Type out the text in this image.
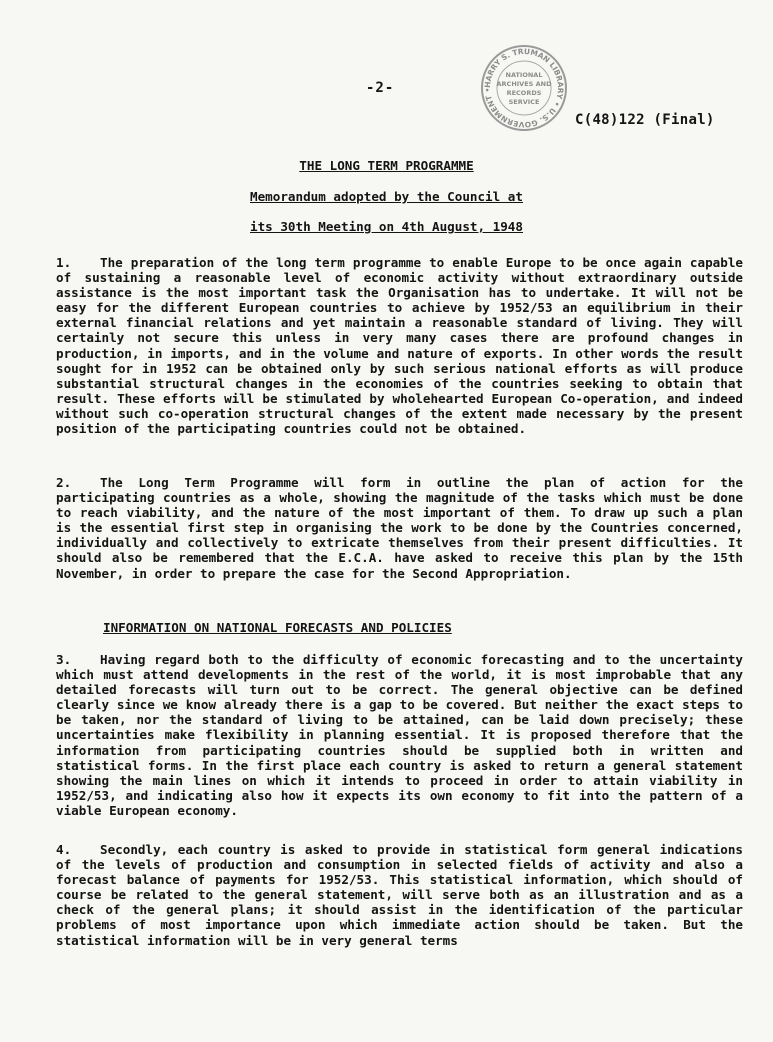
HARRY S. TRUMAN LIBRARY • U.S. GOVERNMENT •
NATIONAL
ARCHIVES AND
RECORDS
SERVICE
-2-
C(48)122 (Final)
THE LONG TERM PROGRAMME
Memorandum adopted by the Council at
its 30th Meeting on 4th August, 1948

1. The preparation of the long term programme to enable Europe to be once again capable of sustaining a reasonable level of economic activity without extraordinary outside assistance is the most important task the Organisation has to undertake. It will not be easy for the different European countries to achieve by 1952/53 an equilibrium in their external financial relations and yet maintain a reasonable standard of living. They will certainly not secure this unless in very many cases there are profound changes in production, in imports, and in the volume and nature of exports. In other words the result sought for in 1952 can be obtained only by such serious national efforts as will produce substantial structural changes in the economies of the countries seeking to obtain that result. These efforts will be stimulated by wholehearted European Co-operation, and indeed without such co-operation structural changes of the extent made necessary by the present position of the participating countries could not be obtained.

2. The Long Term Programme will form in outline the plan of action for the participating countries as a whole, showing the magnitude of the tasks which must be done to reach viability, and the nature of the most important of them. To draw up such a plan is the essential first step in organising the work to be done by the Countries concerned, individually and collectively to extricate themselves from their present difficulties. It should also be remembered that the E.C.A. have asked to receive this plan by the 15th November, in order to prepare the case for the Second Appropriation.

INFORMATION ON NATIONAL FORECASTS AND POLICIES

3. Having regard both to the difficulty of economic forecasting and to the uncertainty which must attend developments in the rest of the world, it is most improbable that any detailed forecasts will turn out to be correct. The general objective can be defined clearly since we know already there is a gap to be covered. But neither the exact steps to be taken, nor the standard of living to be attained, can be laid down precisely; these uncertainties make flexibility in planning essential. It is proposed therefore that the information from participating countries should be supplied both in written and statistical forms. In the first place each country is asked to return a general statement showing the main lines on which it intends to proceed in order to attain viability in 1952/53, and indicating also how it expects its own economy to fit into the pattern of a viable European economy.

4. Secondly, each country is asked to provide in statistical form general indications of the levels of production and consumption in selected fields of activity and also a forecast balance of payments for 1952/53. This statistical information, which should of course be related to the general statement, will serve both as an illustration and as a check of the general plans; it should assist in the identification of the particular problems of most importance upon which immediate action should be taken. But the statistical information will be in very general terms
